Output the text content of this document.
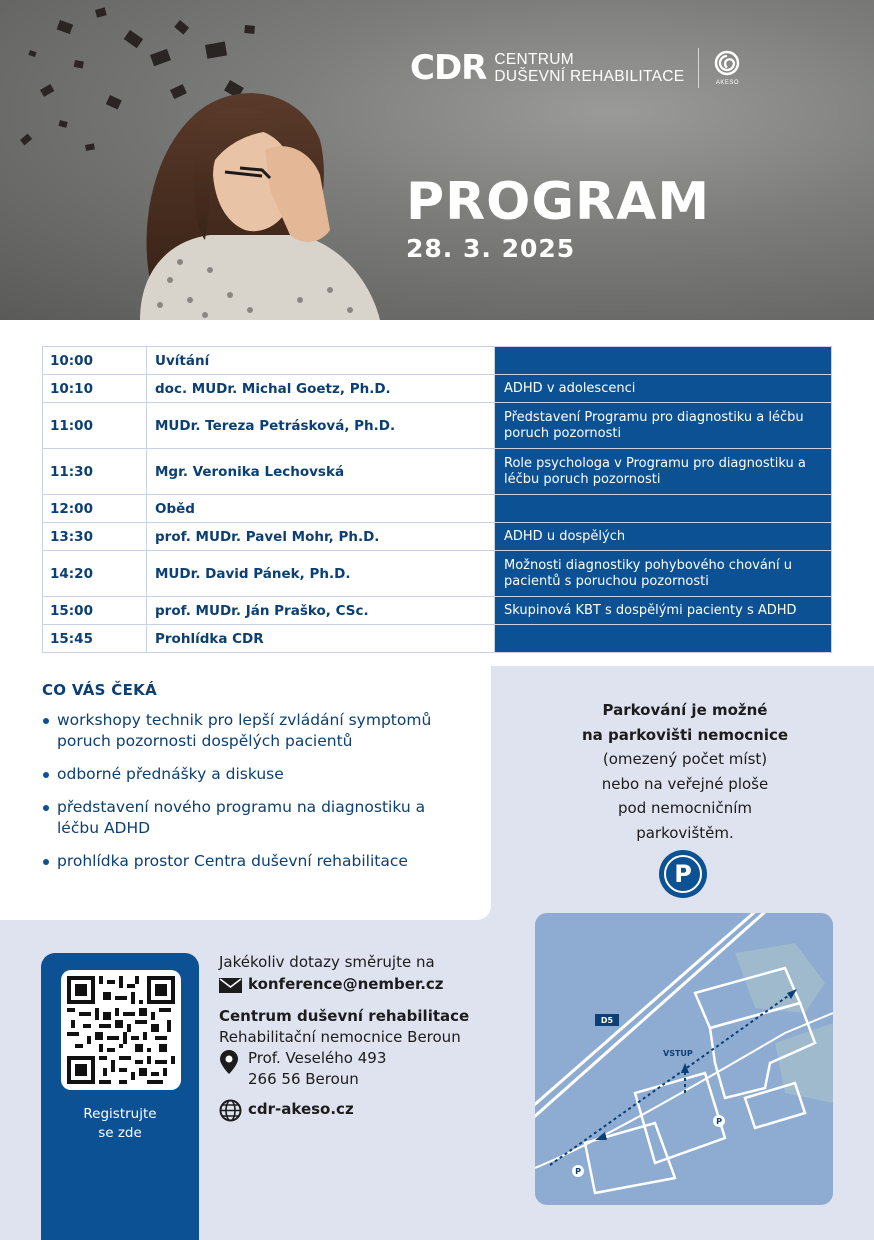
CDR CENTRUM
DUŠEVNÍ REHABILITACE	AKESO
PROGRAM
28. 3. 2025
10:00	Uvítání	
10:10	doc. MUDr. Michal Goetz, Ph.D.	ADHD v adolescenci
11:00	MUDr. Tereza Petrásková, Ph.D.	Představení Programu pro diagnostiku a léčbu poruch pozornosti
11:30	Mgr. Veronika Lechovská	Role psychologa v Programu pro diagnostiku a léčbu poruch pozornosti
12:00	Oběd	
13:30	prof. MUDr. Pavel Mohr, Ph.D.	ADHD u dospělých
14:20	MUDr. David Pánek, Ph.D.	Možnosti diagnostiky pohybového chování u pacientů s poruchou pozornosti
15:00	prof. MUDr. Ján Praško, CSc.	Skupinová KBT s dospělými pacienty s ADHD
15:45	Prohlídka CDR	
CO VÁS ČEKÁ
workshopy technik pro lepší zvládání symptomů poruch pozornosti dospělých pacientů
odborné přednášky a diskuse
představení nového programu na diagnostiku a léčbu ADHD
prohlídka prostor Centra duševní rehabilitace
Parkování je možné
na parkovišti nemocnice
(omezený počet míst)
nebo na veřejné ploše
pod nemocničním
parkovištěm.
P
D5
VSTUP
P
P
Registrujte
se zde
Jakékoliv dotazy směrujte na
konference@nember.cz
Centrum duševní rehabilitace
Rehabilitační nemocnice Beroun
Prof. Veselého 493
266 56 Beroun
cdr-akeso.cz
